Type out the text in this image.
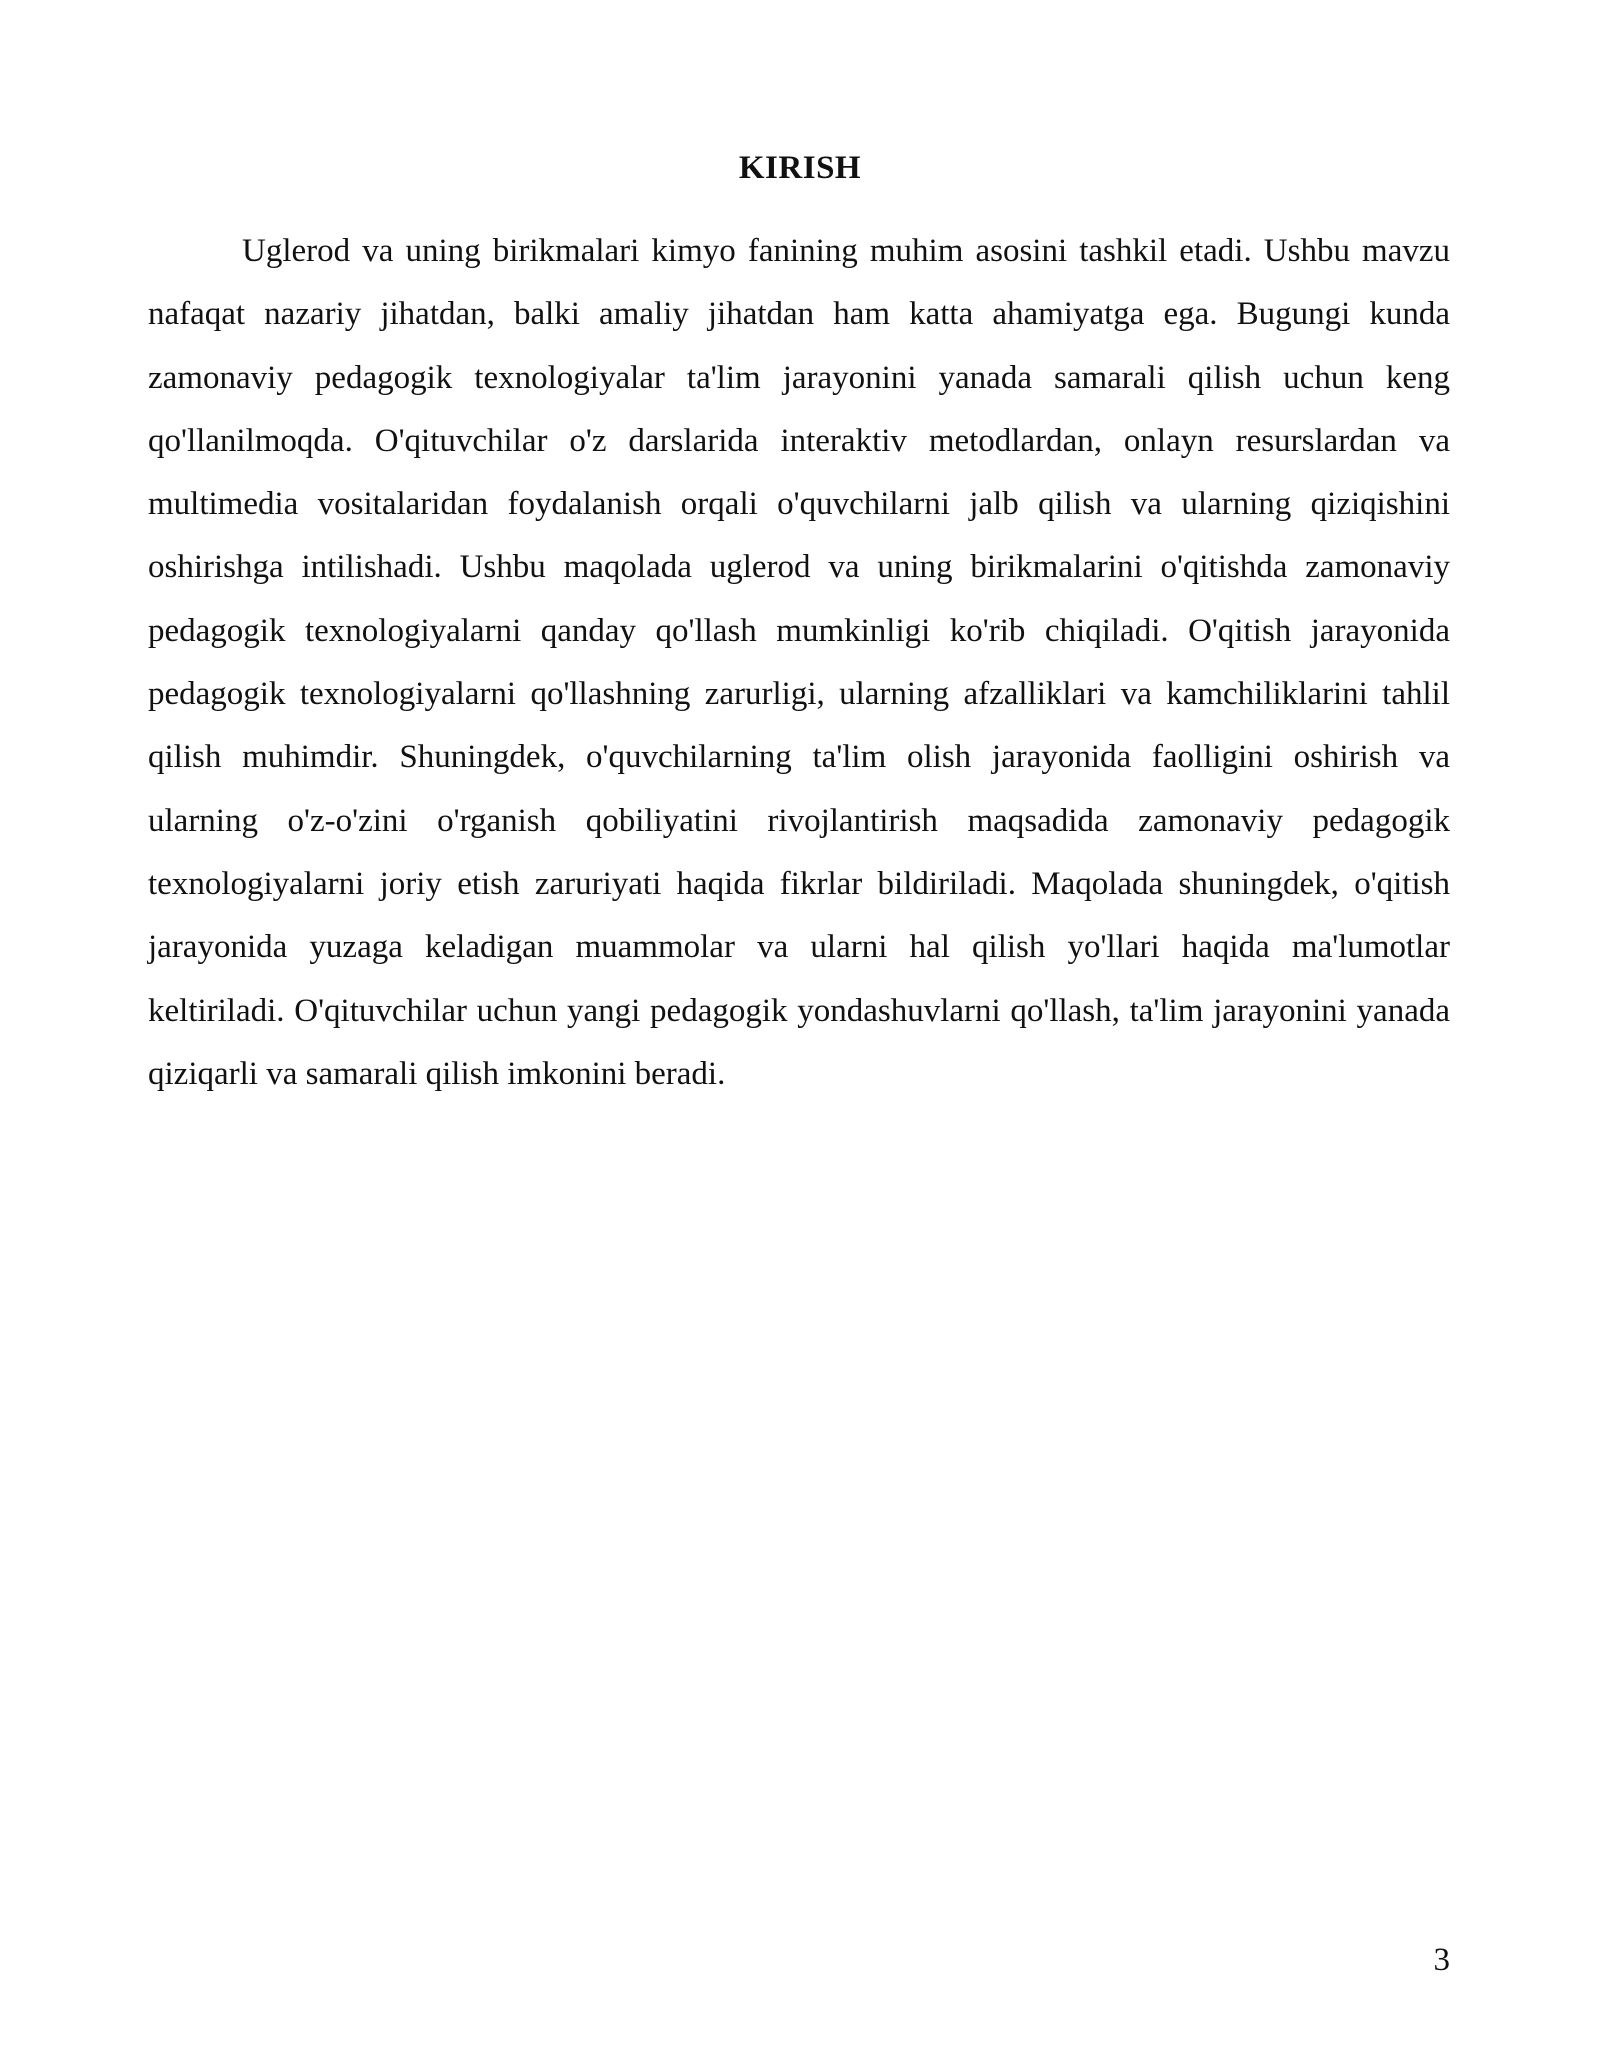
KIRISH

Uglerod va uning birikmalari kimyo fanining muhim asosini tashkil etadi. Ushbu mavzu nafaqat nazariy jihatdan, balki amaliy jihatdan ham katta ahamiyatga ega. Bugungi kunda zamonaviy pedagogik texnologiyalar ta'lim jarayonini yanada samarali qilish uchun keng qo'llanilmoqda. O'qituvchilar o'z darslarida interaktiv metodlardan, onlayn resurslardan va multimedia vositalaridan foydalanish orqali o'quvchilarni jalb qilish va ularning qiziqishini oshirishga intilishadi. Ushbu maqolada uglerod va uning birikmalarini o'qitishda zamonaviy pedagogik texnologiyalarni qanday qo'llash mumkinligi ko'rib chiqiladi. O'qitish jarayonida pedagogik texnologiyalarni qo'llashning zarurligi, ularning afzalliklari va kamchiliklarini tahlil qilish muhimdir. Shuningdek, o'quvchilarning ta'lim olish jarayonida faolligini oshirish va ularning o'z-o'zini o'rganish qobiliyatini rivojlantirish maqsadida zamonaviy pedagogik texnologiyalarni joriy etish zaruriyati haqida fikrlar bildiriladi. Maqolada shuningdek, o'qitish jarayonida yuzaga keladigan muammolar va ularni hal qilish yo'llari haqida ma'lumotlar keltiriladi. O'qituvchilar uchun yangi pedagogik yondashuvlarni qo'llash, ta'lim jarayonini yanada qiziqarli va samarali qilish imkonini beradi.

3
